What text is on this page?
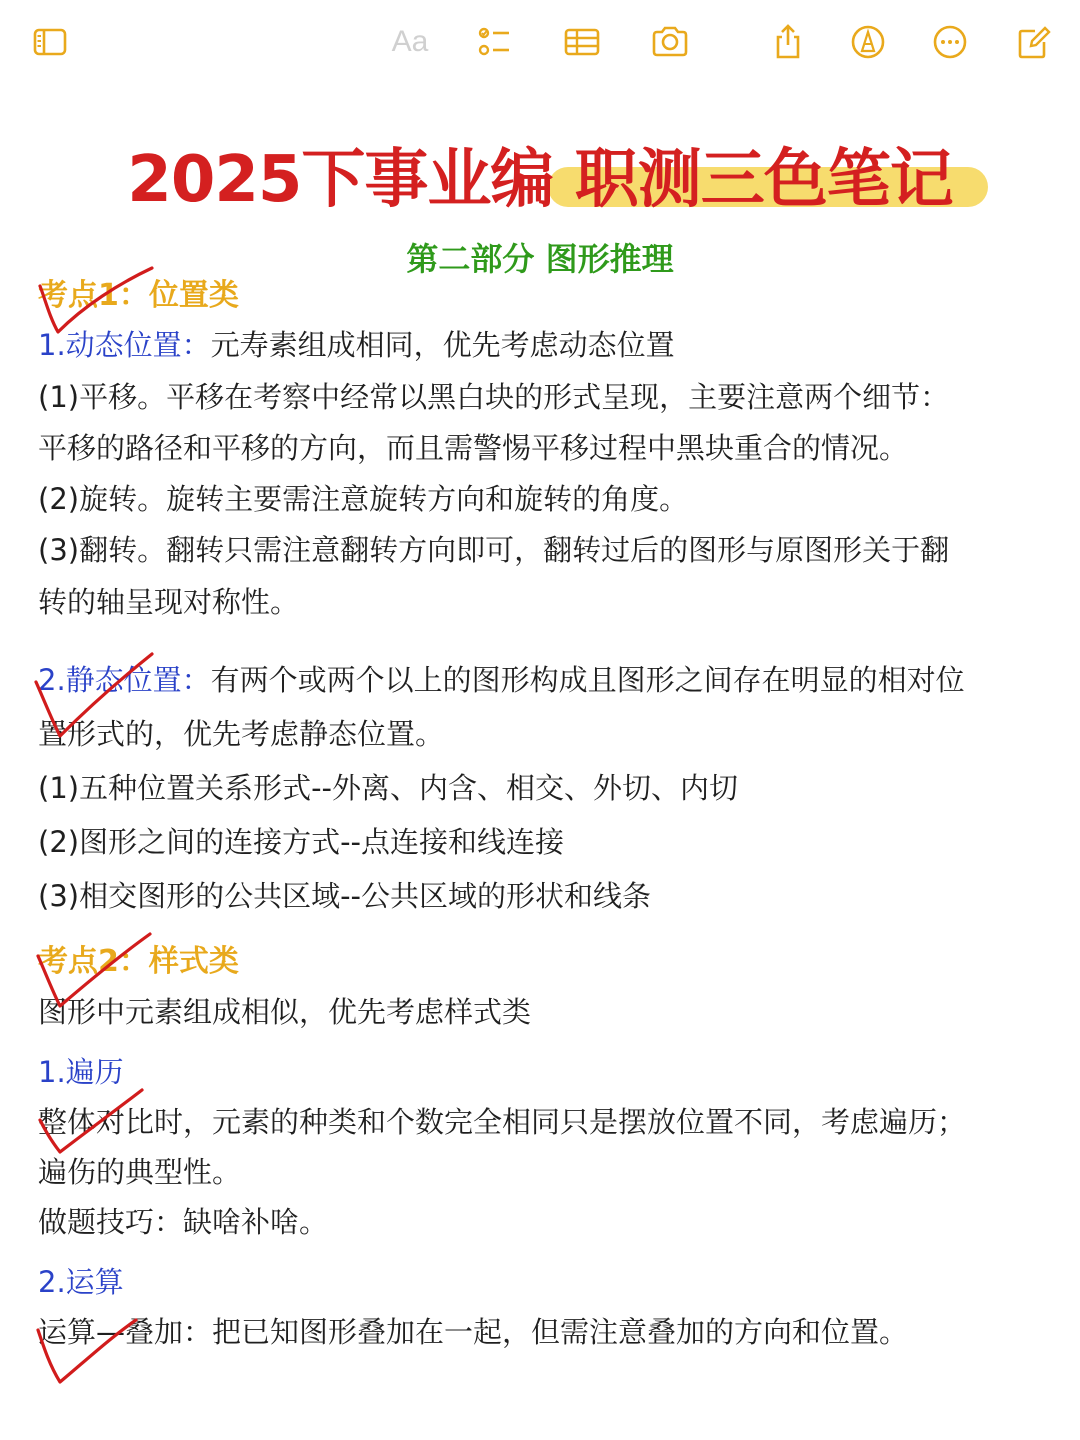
Aa
2025下事业编 职测三色笔记
第二部分 图形推理
考点1：位置类
1.动态位置：元寿素组成相同，优先考虑动态位置
(1)平移。平移在考察中经常以黑白块的形式呈现，主要注意两个细节：
平移的路径和平移的方向，而且需警惕平移过程中黑块重合的情况。
(2)旋转。旋转主要需注意旋转方向和旋转的角度。
(3)翻转。翻转只需注意翻转方向即可，翻转过后的图形与原图形关于翻
转的轴呈现对称性。
2.静态位置：有两个或两个以上的图形构成且图形之间存在明显的相对位
置形式的，优先考虑静态位置。
(1)五种位置关系形式--外离、内含、相交、外切、内切
(2)图形之间的连接方式--点连接和线连接
(3)相交图形的公共区域--公共区域的形状和线条
考点2：样式类
图形中元素组成相似，优先考虑样式类
1.遍历
整体对比时，元素的种类和个数完全相同只是摆放位置不同，考虑遍历；
遍伤的典型性。
做题技巧：缺啥补啥。
2.运算
运算—叠加：把已知图形叠加在一起，但需注意叠加的方向和位置。
